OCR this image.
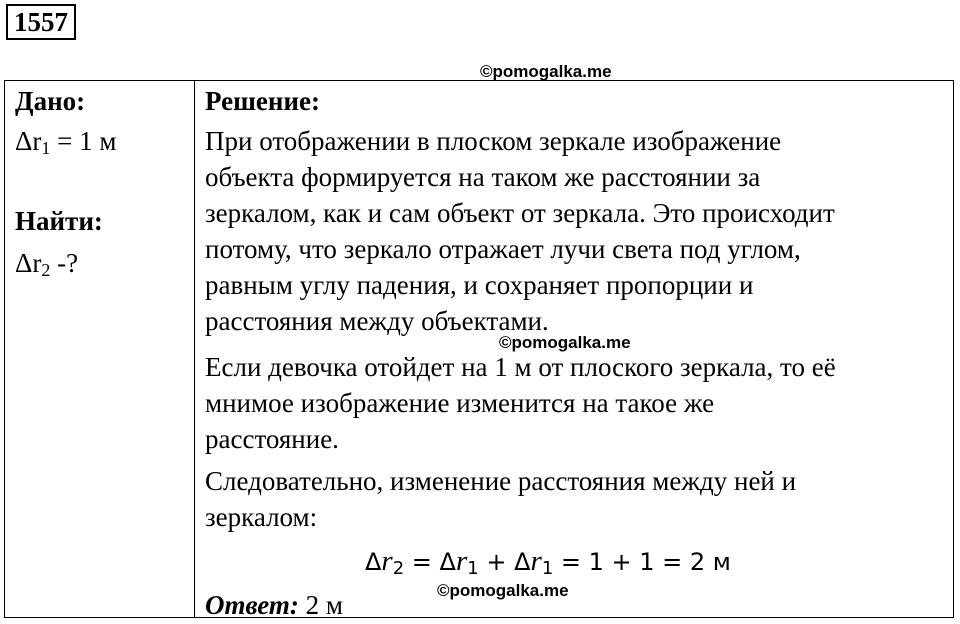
1557
©pomogalka.me
Дано:
$\Delta r_1 = 1$ м
Найти:
$\Delta r_2$ -?
Решение:
При отображении в плоском зеркале изображение
объекта формируется на таком же расстоянии за
зеркалом, как и сам объект от зеркала. Это происходит
потому, что зеркало отражает лучи света под углом,
равным углу падения, и сохраняет пропорции и
расстояния между объектами.
©pomogalka.me
Если девочка отойдет на 1 м от плоского зеркала, то её
мнимое изображение изменится на такое же
расстояние.
Следовательно, изменение расстояния между ней и
зеркалом:
$\Delta r_2 = \Delta r_1 + \Delta r_1 = 1 + 1 = 2$ м
Ответ: 2 м	©pomogalka.me
